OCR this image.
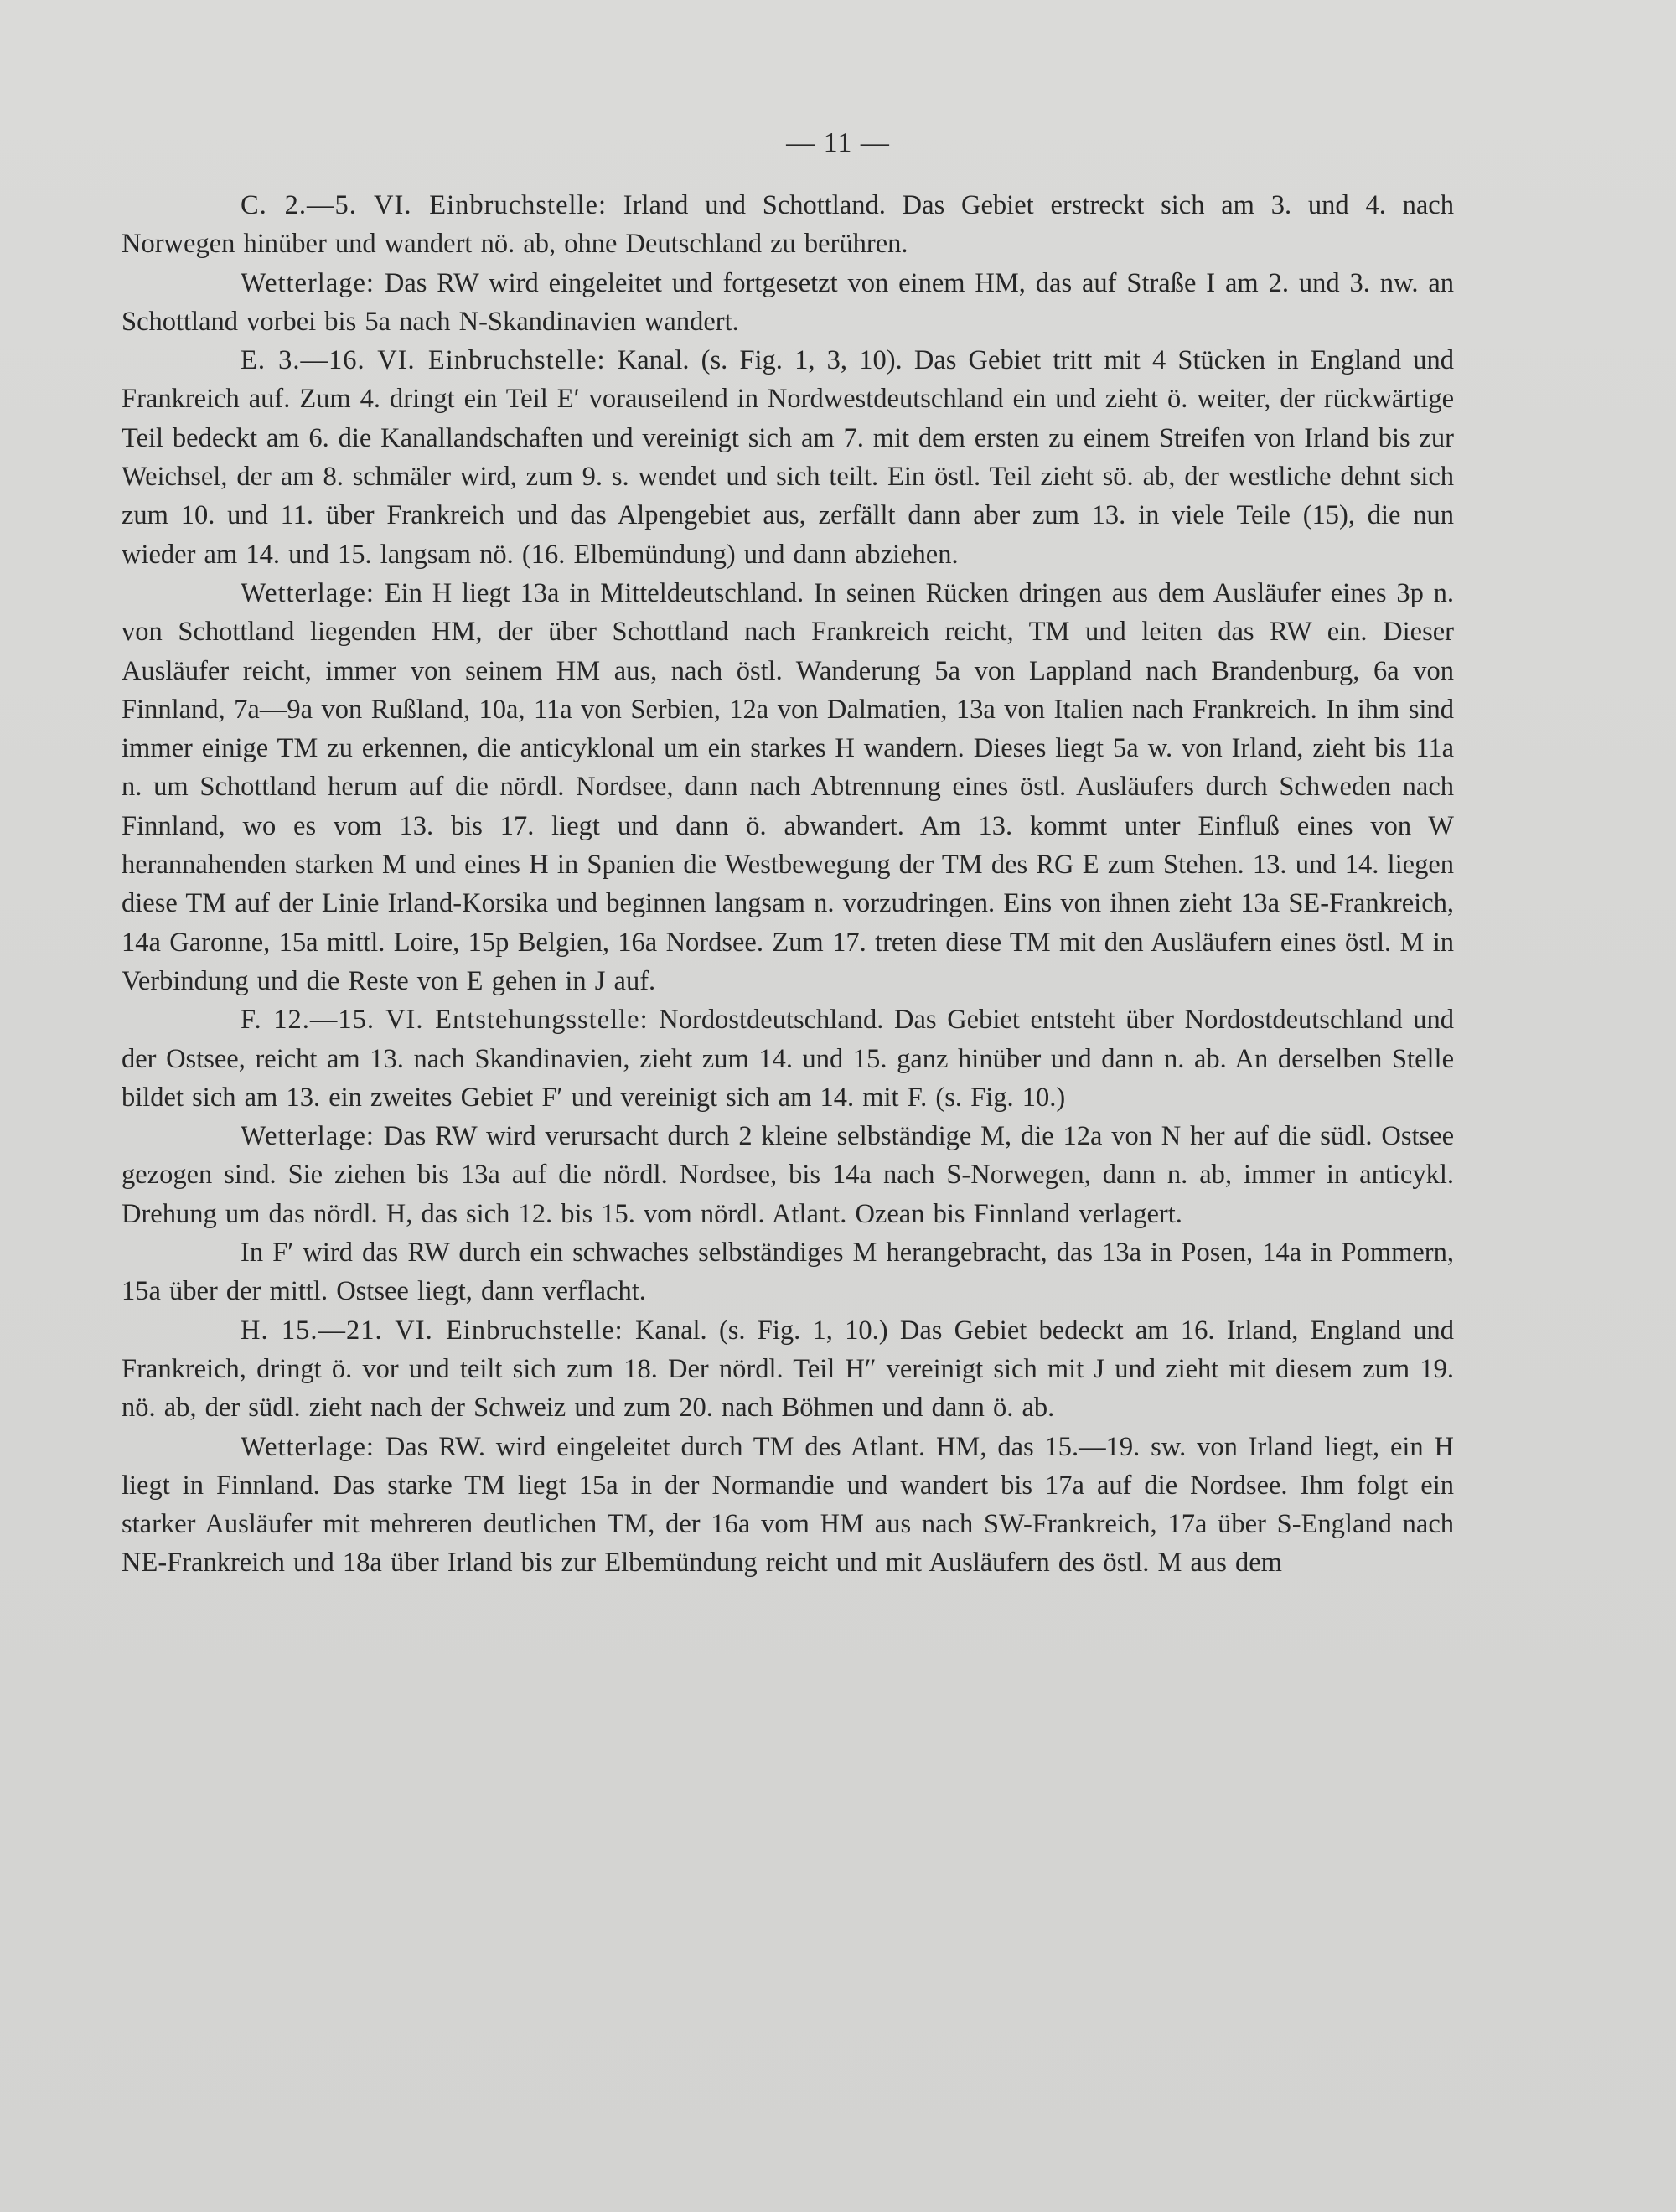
— 11 —

C. 2.—5. VI. Einbruchstelle: Irland und Schottland. Das Gebiet erstreckt sich am 3. und 4. nach Norwegen hinüber und wandert nö. ab, ohne Deutschland zu berühren.

Wetterlage: Das RW wird eingeleitet und fortgesetzt von einem HM, das auf Straße I am 2. und 3. nw. an Schottland vorbei bis 5a nach N-Skandinavien wandert.

E. 3.—16. VI. Einbruchstelle: Kanal. (s. Fig. 1, 3, 10). Das Gebiet tritt mit 4 Stücken in England und Frankreich auf. Zum 4. dringt ein Teil E′ vorauseilend in Nordwestdeutschland ein und zieht ö. weiter, der rückwärtige Teil bedeckt am 6. die Kanallandschaften und vereinigt sich am 7. mit dem ersten zu einem Streifen von Irland bis zur Weichsel, der am 8. schmäler wird, zum 9. s. wendet und sich teilt. Ein östl. Teil zieht sö. ab, der westliche dehnt sich zum 10. und 11. über Frankreich und das Alpengebiet aus, zerfällt dann aber zum 13. in viele Teile (15), die nun wieder am 14. und 15. langsam nö. (16. Elbemündung) und dann abziehen.

Wetterlage: Ein H liegt 13a in Mitteldeutschland. In seinen Rücken dringen aus dem Ausläufer eines 3p n. von Schottland liegenden HM, der über Schottland nach Frankreich reicht, TM und leiten das RW ein. Dieser Ausläufer reicht, immer von seinem HM aus, nach östl. Wanderung 5a von Lappland nach Brandenburg, 6a von Finnland, 7a—9a von Rußland, 10a, 11a von Serbien, 12a von Dalmatien, 13a von Italien nach Frankreich. In ihm sind immer einige TM zu erkennen, die anticyklonal um ein starkes H wandern. Dieses liegt 5a w. von Irland, zieht bis 11a n. um Schottland herum auf die nördl. Nordsee, dann nach Abtrennung eines östl. Ausläufers durch Schweden nach Finnland, wo es vom 13. bis 17. liegt und dann ö. abwandert. Am 13. kommt unter Einfluß eines von W herannahenden starken M und eines H in Spanien die Westbewegung der TM des RG E zum Stehen. 13. und 14. liegen diese TM auf der Linie Irland-Korsika und beginnen langsam n. vorzudringen. Eins von ihnen zieht 13a SE-Frankreich, 14a Garonne, 15a mittl. Loire, 15p Belgien, 16a Nordsee. Zum 17. treten diese TM mit den Ausläufern eines östl. M in Verbindung und die Reste von E gehen in J auf.

F. 12.—15. VI. Entstehungsstelle: Nordostdeutschland. Das Gebiet entsteht über Nordostdeutschland und der Ostsee, reicht am 13. nach Skandinavien, zieht zum 14. und 15. ganz hinüber und dann n. ab. An derselben Stelle bildet sich am 13. ein zweites Gebiet F′ und vereinigt sich am 14. mit F. (s. Fig. 10.)

Wetterlage: Das RW wird verursacht durch 2 kleine selbständige M, die 12a von N her auf die südl. Ostsee gezogen sind. Sie ziehen bis 13a auf die nördl. Nordsee, bis 14a nach S-Norwegen, dann n. ab, immer in anticykl. Drehung um das nördl. H, das sich 12. bis 15. vom nördl. Atlant. Ozean bis Finnland verlagert.

In F′ wird das RW durch ein schwaches selbständiges M herangebracht, das 13a in Posen, 14a in Pommern, 15a über der mittl. Ostsee liegt, dann verflacht.

H. 15.—21. VI. Einbruchstelle: Kanal. (s. Fig. 1, 10.) Das Gebiet bedeckt am 16. Irland, England und Frankreich, dringt ö. vor und teilt sich zum 18. Der nördl. Teil H″ vereinigt sich mit J und zieht mit diesem zum 19. nö. ab, der südl. zieht nach der Schweiz und zum 20. nach Böhmen und dann ö. ab.

Wetterlage: Das RW. wird eingeleitet durch TM des Atlant. HM, das 15.—19. sw. von Irland liegt, ein H liegt in Finnland. Das starke TM liegt 15a in der Normandie und wandert bis 17a auf die Nordsee. Ihm folgt ein starker Ausläufer mit mehreren deutlichen TM, der 16a vom HM aus nach SW-Frankreich, 17a über S-England nach NE-Frankreich und 18a über Irland bis zur Elbemündung reicht und mit Ausläufern des östl. M aus dem
